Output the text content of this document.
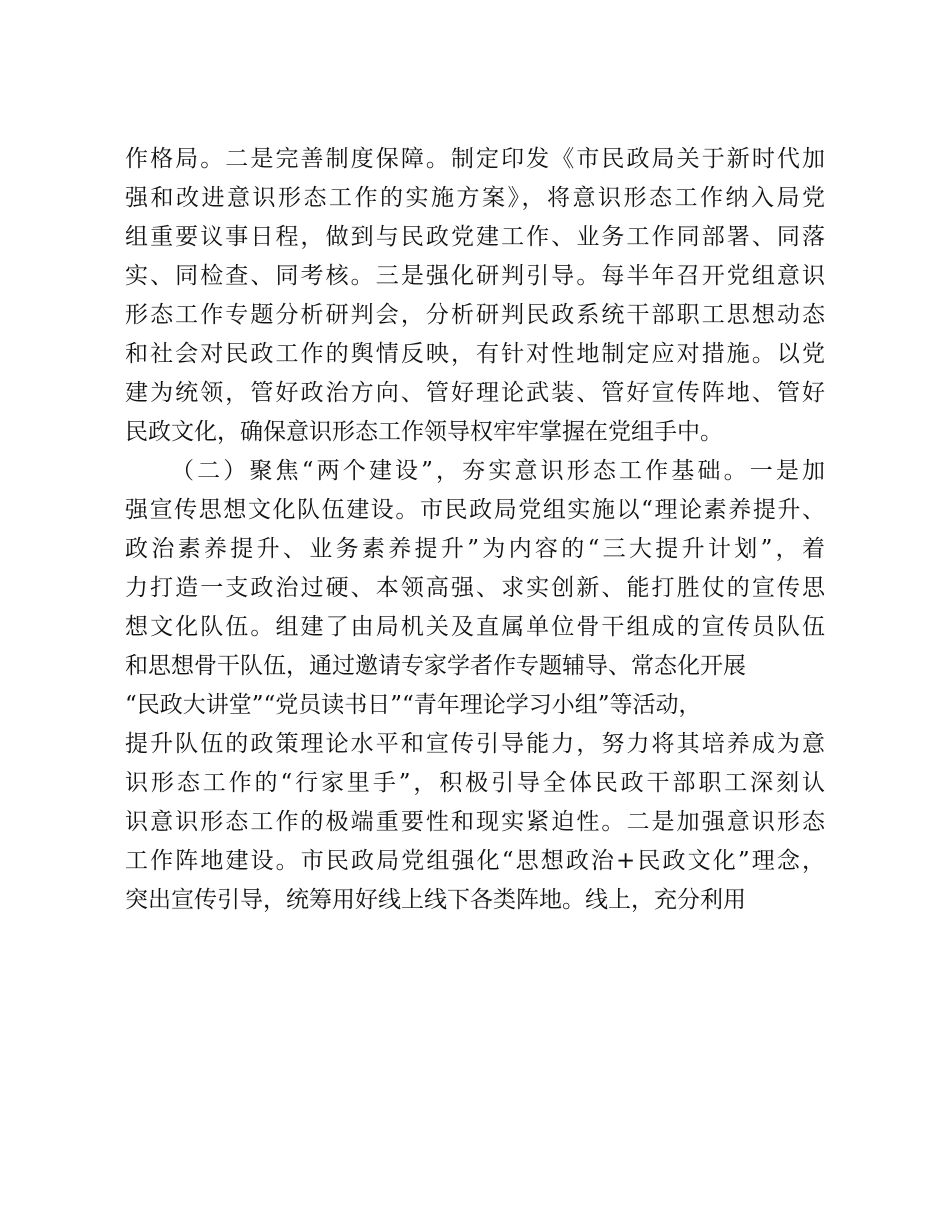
作格局。二是完善制度保障。制定印发《市民政局关于新时代加
强和改进意识形态工作的实施方案》，将意识形态工作纳入局党
组重要议事日程，做到与民政党建工作、业务工作同部署、同落
实、同检查、同考核。三是强化研判引导。每半年召开党组意识
形态工作专题分析研判会，分析研判民政系统干部职工思想动态
和社会对民政工作的舆情反映，有针对性地制定应对措施。以党
建为统领，管好政治方向、管好理论武装、管好宣传阵地、管好
民政文化，确保意识形态工作领导权牢牢掌握在党组手中。
（二）聚焦“两个建设”，夯实意识形态工作基础。一是加
强宣传思想文化队伍建设。市民政局党组实施以“理论素养提升、
政治素养提升、业务素养提升”为内容的“三大提升计划”，着
力打造一支政治过硬、本领高强、求实创新、能打胜仗的宣传思
想文化队伍。组建了由局机关及直属单位骨干组成的宣传员队伍
和思想骨干队伍，通过邀请专家学者作专题辅导、常态化开展
“民政大讲堂”“党员读书日”“青年理论学习小组”等活动，
提升队伍的政策理论水平和宣传引导能力，努力将其培养成为意
识形态工作的“行家里手”，积极引导全体民政干部职工深刻认
识意识形态工作的极端重要性和现实紧迫性。二是加强意识形态
工作阵地建设。市民政局党组强化“思想政治+民政文化”理念，
突出宣传引导，统筹用好线上线下各类阵地。线上，充分利用
